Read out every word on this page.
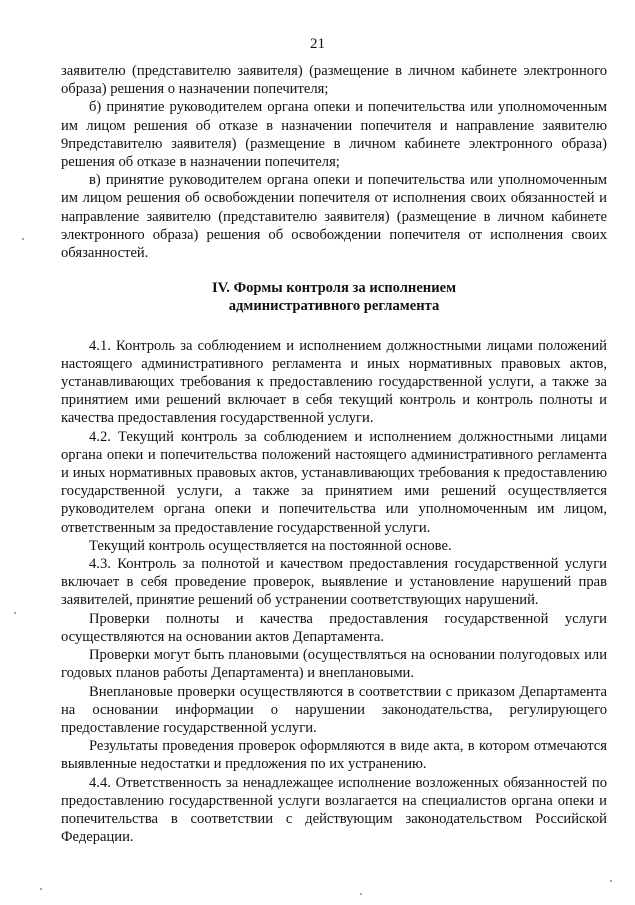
21

заявителю (представителю заявителя) (размещение в личном кабинете электронного образа) решения о назначении попечителя;

б) принятие руководителем органа опеки и попечительства или уполномоченным им лицом решения об отказе в назначении попечителя и направление заявителю 9представителю заявителя) (размещение в личном кабинете электронного образа) решения об отказе в назначении попечителя;

в) принятие руководителем органа опеки и попечительства или уполномоченным им лицом решения об освобождении попечителя от исполнения своих обязанностей и направление заявителю (представителю заявителя) (размещение в личном кабинете электронного образа) решения об освобождении попечителя от исполнения своих обязанностей.

IV. Формы контроля за исполнением
административного регламента

4.1. Контроль за соблюдением и исполнением должностными лицами положений настоящего административного регламента и иных нормативных правовых актов, устанавливающих требования к предоставлению государственной услуги, а также за принятием ими решений включает в себя текущий контроль и контроль полноты и качества предоставления государственной услуги.

4.2. Текущий контроль за соблюдением и исполнением должностными лицами органа опеки и попечительства положений настоящего административного регламента и иных нормативных правовых актов, устанавливающих требования к предоставлению государственной услуги, а также за принятием ими решений осуществляется руководителем органа опеки и попечительства или уполномоченным им лицом, ответственным за предоставление государственной услуги.

Текущий контроль осуществляется на постоянной основе.

4.3. Контроль за полнотой и качеством предоставления государственной услуги включает в себя проведение проверок, выявление и установление нарушений прав заявителей, принятие решений об устранении соответствующих нарушений.

Проверки полноты и качества предоставления государственной услуги осуществляются на основании актов Департамента.

Проверки могут быть плановыми (осуществляться на основании полугодовых или годовых планов работы Департамента) и внеплановыми.

Внеплановые проверки осуществляются в соответствии с приказом Департамента на основании информации о нарушении законодательства, регулирующего предоставление государственной услуги.

Результаты проведения проверок оформляются в виде акта, в котором отмечаются выявленные недостатки и предложения по их устранению.

4.4. Ответственность за ненадлежащее исполнение возложенных обязанностей по предоставлению государственной услуги возлагается на специалистов органа опеки и попечительства в соответствии с действующим законодательством Российской Федерации.
